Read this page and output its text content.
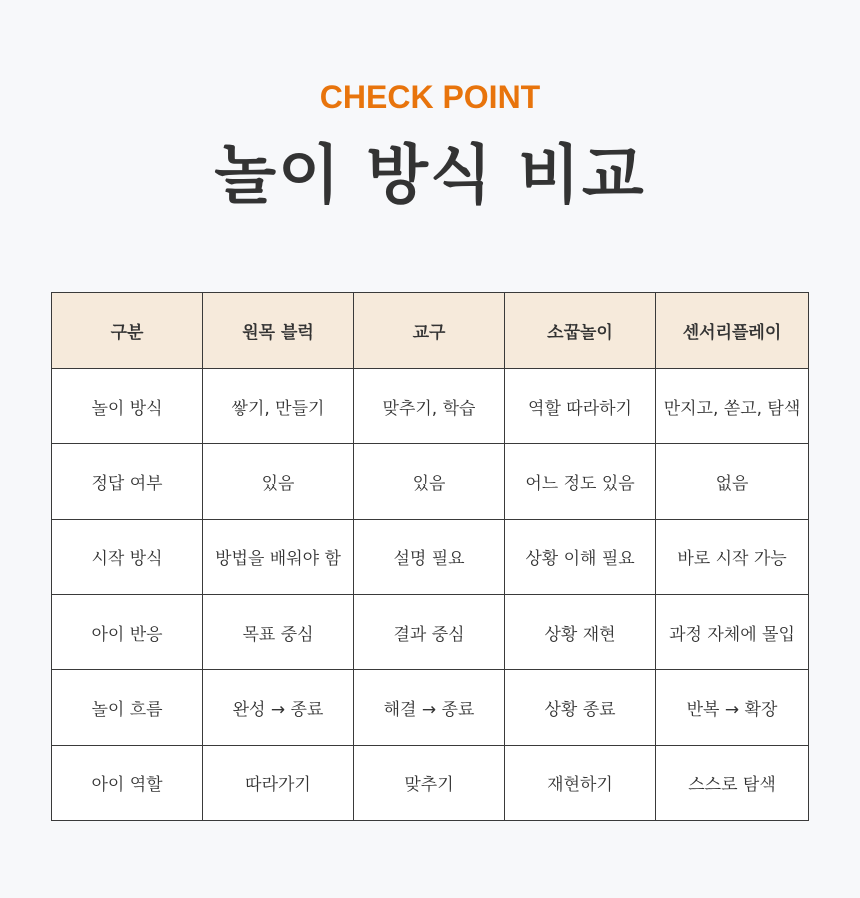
CHECK POINT
놀이 방식 비교
구분	원목 블럭	교구	소꿉놀이	센서리플레이
놀이 방식	쌓기, 만들기	맞추기, 학습	역할 따라하기	만지고, 쏟고, 탐색
정답 여부	있음	있음	어느 정도 있음	없음
시작 방식	방법을 배워야 함	설명 필요	상황 이해 필요	바로 시작 가능
아이 반응	목표 중심	결과 중심	상황 재현	과정 자체에 몰입
놀이 흐름	완성 → 종료	해결 → 종료	상황 종료	반복 → 확장
아이 역할	따라가기	맞추기	재현하기	스스로 탐색
